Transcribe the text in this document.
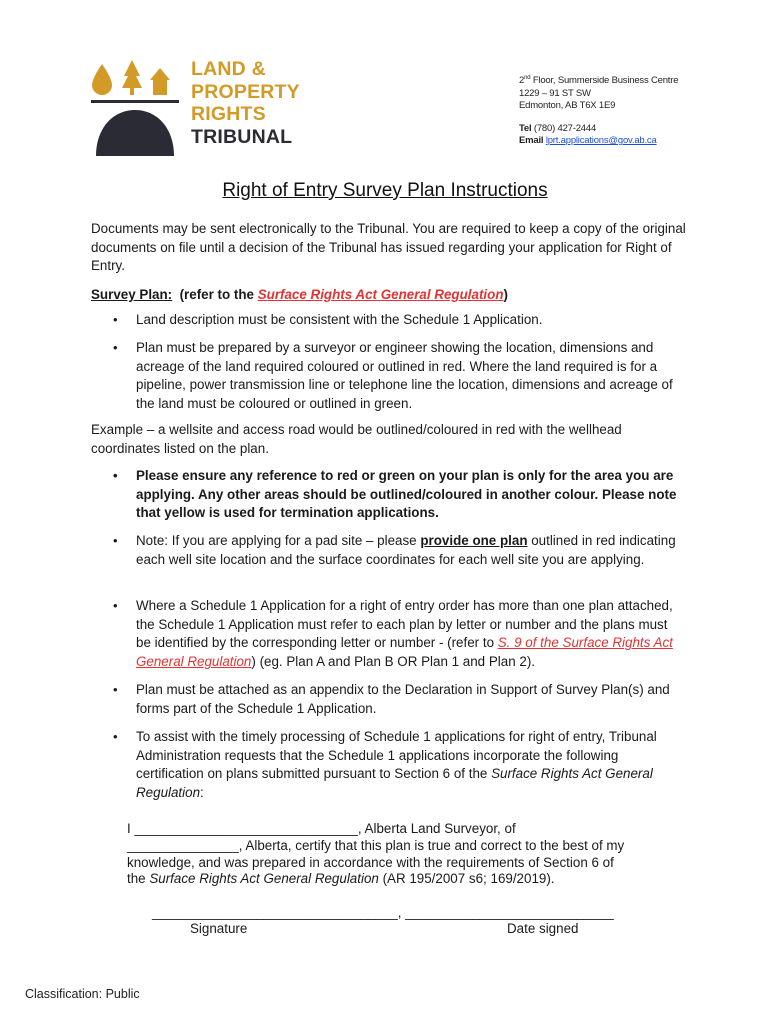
LAND &
PROPERTY
RIGHTS
TRIBUNAL
2nd Floor, Summerside Business Centre
1229 – 91 ST SW
Edmonton, AB T6X 1E9
Tel (780) 427-2444
Email lprt.applications@gov.ab.ca
Right of Entry Survey Plan Instructions
Documents may be sent electronically to the Tribunal. You are required to keep a copy of the original documents on file until a decision of the Tribunal has issued regarding your application for Right of Entry.
Survey Plan: (refer to the Surface Rights Act General Regulation)
• Land description must be consistent with the Schedule 1 Application.
• Plan must be prepared by a surveyor or engineer showing the location, dimensions and acreage of the land required coloured or outlined in red. Where the land required is for a pipeline, power transmission line or telephone line the location, dimensions and acreage of the land must be coloured or outlined in green.
Example – a wellsite and access road would be outlined/coloured in red with the wellhead coordinates listed on the plan.
• Please ensure any reference to red or green on your plan is only for the area you are applying. Any other areas should be outlined/coloured in another colour. Please note that yellow is used for termination applications.
• Note: If you are applying for a pad site – please provide one plan outlined in red indicating each well site location and the surface coordinates for each well site you are applying.
• Where a Schedule 1 Application for a right of entry order has more than one plan attached, the Schedule 1 Application must refer to each plan by letter or number and the plans must be identified by the corresponding letter or number - (refer to S. 9 of the Surface Rights Act General Regulation) (eg. Plan A and Plan B OR Plan 1 and Plan 2).
• Plan must be attached as an appendix to the Declaration in Support of Survey Plan(s) and forms part of the Schedule 1 Application.
• To assist with the timely processing of Schedule 1 applications for right of entry, Tribunal Administration requests that the Schedule 1 applications incorporate the following certification on plans submitted pursuant to Section 6 of the Surface Rights Act General Regulation:
I ______________________________, Alberta Land Surveyor, of
_______________, Alberta, certify that this plan is true and correct to the best of my
knowledge, and was prepared in accordance with the requirements of Section 6 of
the Surface Rights Act General Regulation (AR 195/2007 s6; 169/2019).
_________________________________, ____________________________
Signature	Date signed
Classification: Public
